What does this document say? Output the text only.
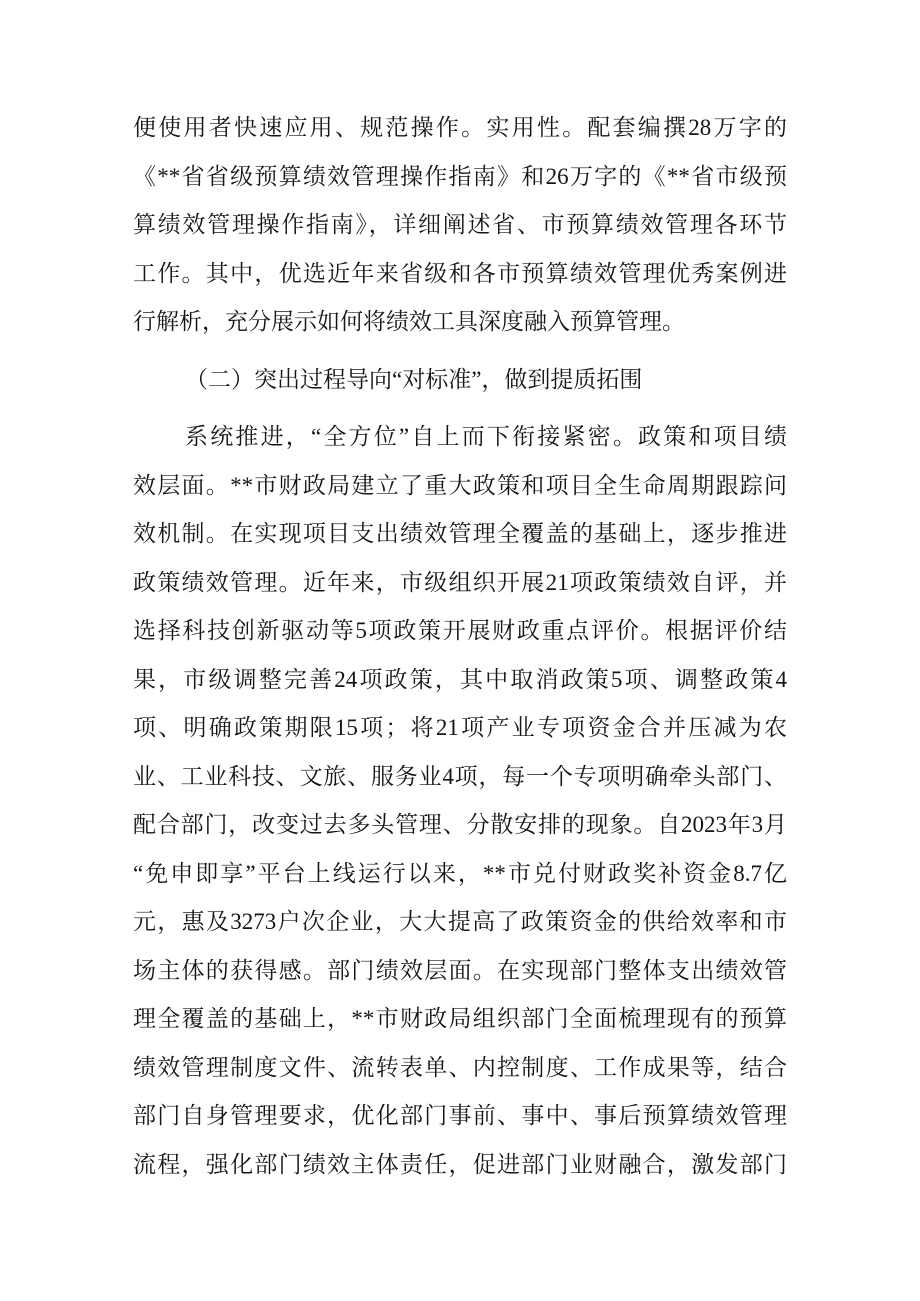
便使用者快速应用、规范操作。实用性。配套编撰28万字的
《**省省级预算绩效管理操作指南》和26万字的《**省市级预
算绩效管理操作指南》，详细阐述省、市预算绩效管理各环节
工作。其中，优选近年来省级和各市预算绩效管理优秀案例进
行解析，充分展示如何将绩效工具深度融入预算管理。
（二）突出过程导向“对标准”，做到提质拓围
系统推进，“全方位”自上而下衔接紧密。政策和项目绩
效层面。**市财政局建立了重大政策和项目全生命周期跟踪问
效机制。在实现项目支出绩效管理全覆盖的基础上，逐步推进
政策绩效管理。近年来，市级组织开展21项政策绩效自评，并
选择科技创新驱动等5项政策开展财政重点评价。根据评价结
果，市级调整完善24项政策，其中取消政策5项、调整政策4
项、明确政策期限15项；将21项产业专项资金合并压减为农
业、工业科技、文旅、服务业4项，每一个专项明确牵头部门、
配合部门，改变过去多头管理、分散安排的现象。自2023年3月
“免申即享”平台上线运行以来，**市兑付财政奖补资金8.7亿
元，惠及3273户次企业，大大提高了政策资金的供给效率和市
场主体的获得感。部门绩效层面。在实现部门整体支出绩效管
理全覆盖的基础上，**市财政局组织部门全面梳理现有的预算
绩效管理制度文件、流转表单、内控制度、工作成果等，结合
部门自身管理要求，优化部门事前、事中、事后预算绩效管理
流程，强化部门绩效主体责任，促进部门业财融合，激发部门
